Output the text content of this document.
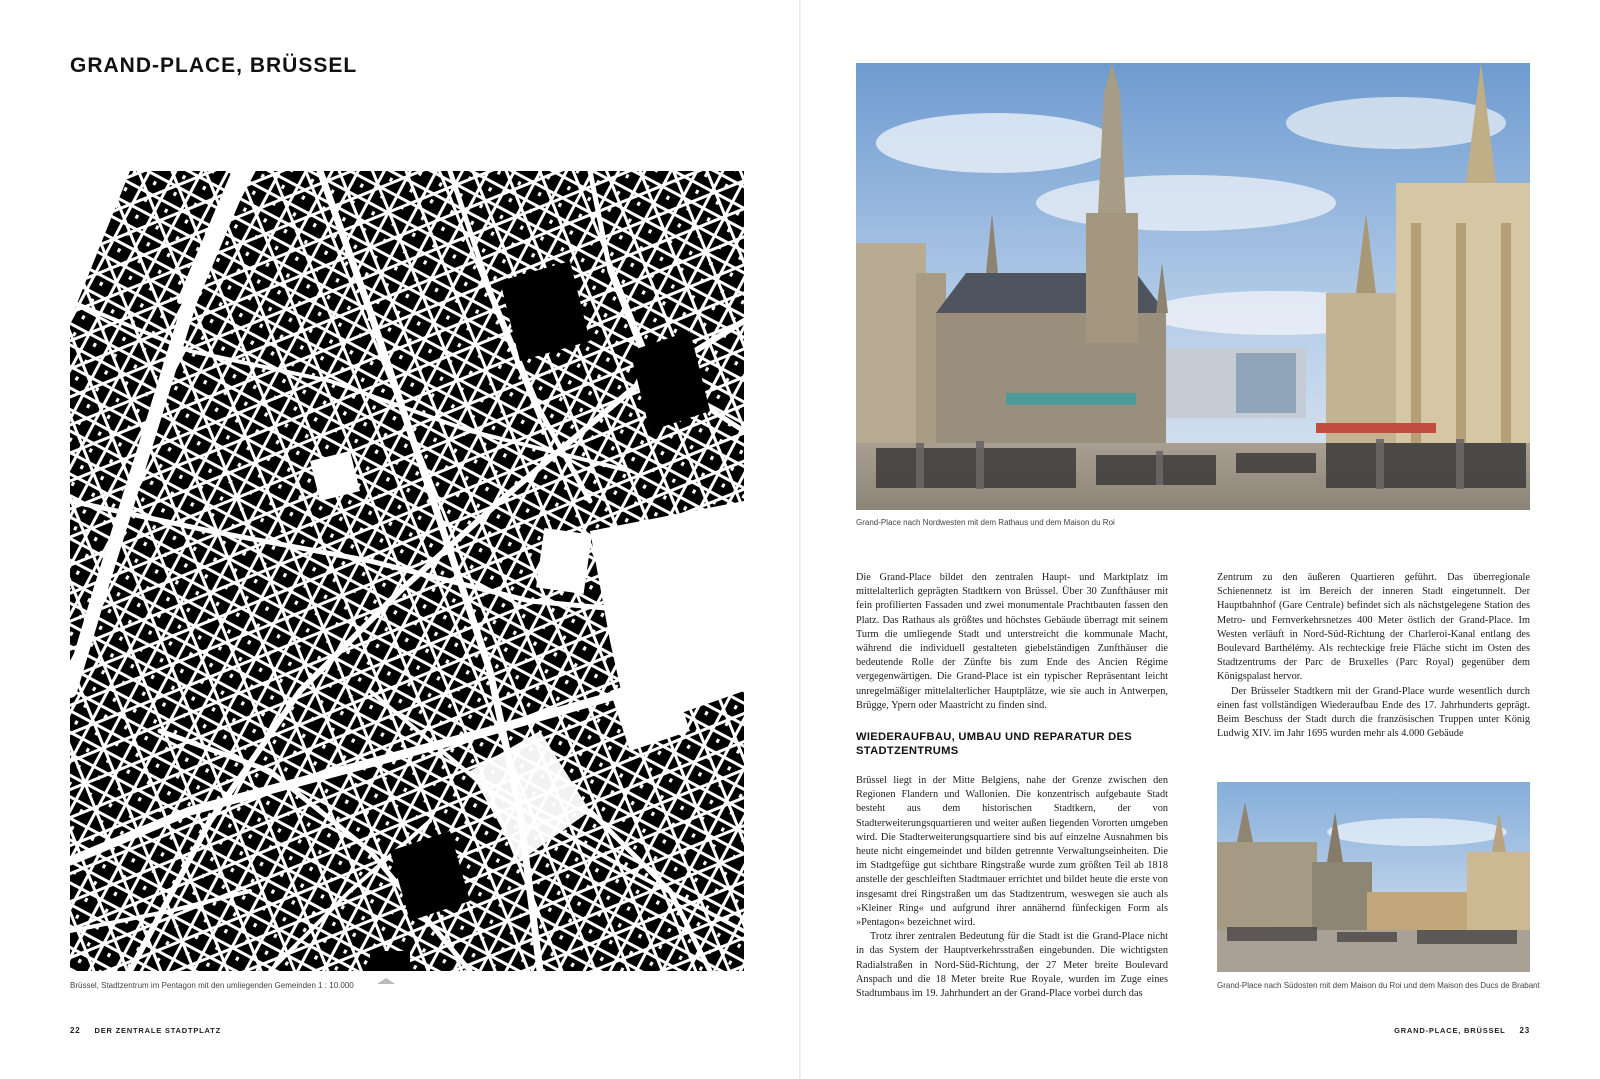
GRAND-PLACE, BRÜSSEL
Brüssel, Stadtzentrum im Pentagon mit den umliegenden Gemeinden 1 : 10.000
22 DER ZENTRALE STADTPLATZ
Grand-Place nach Nordwesten mit dem Rathaus und dem Maison du Roi

Die Grand-Place bildet den zentralen Haupt- und Marktplatz im mittelalterlich geprägten Stadtkern von Brüssel. Über 30 Zunfthäuser mit fein profilierten Fassaden und zwei monumentale Prachtbauten fassen den Platz. Das Rathaus als größtes und höchstes Gebäude überragt mit seinem Turm die umliegende Stadt und unterstreicht die kommunale Macht, während die individuell gestalteten giebelständigen Zunfthäuser die bedeutende Rolle der Zünfte bis zum Ende des Ancien Régime vergegenwärtigen. Die Grand-Place ist ein typischer Repräsentant leicht unregelmäßiger mittelalterlicher Hauptplätze, wie sie auch in Antwerpen, Brügge, Ypern oder Maastricht zu finden sind.

WIEDERAUFBAU, UMBAU UND REPARATUR DES STADTZENTRUMS

Brüssel liegt in der Mitte Belgiens, nahe der Grenze zwischen den Regionen Flandern und Wallonien. Die konzentrisch aufgebaute Stadt besteht aus dem historischen Stadtkern, der von Stadterweiterungsquartieren und weiter außen liegenden Vororten umgeben wird. Die Stadterweiterungsquartiere sind bis auf einzelne Ausnahmen bis heute nicht eingemeindet und bilden getrennte Verwaltungseinheiten. Die im Stadtgefüge gut sichtbare Ringstraße wurde zum größten Teil ab 1818 anstelle der geschleiften Stadtmauer errichtet und bildet heute die erste von insgesamt drei Ringstraßen um das Stadtzentrum, weswegen sie auch als »Kleiner Ring« und aufgrund ihrer annähernd fünfeckigen Form als »Pentagon« bezeichnet wird.

Trotz ihrer zentralen Bedeutung für die Stadt ist die Grand-Place nicht in das System der Hauptverkehrsstraßen eingebunden. Die wichtigsten Radialstraßen in Nord-Süd-Richtung, der 27 Meter breite Boulevard Anspach und die 18 Meter breite Rue Royale, wurden im Zuge eines Stadtumbaus im 19. Jahrhundert an der Grand-Place vorbei durch das

Zentrum zu den äußeren Quartieren geführt. Das überregionale Schienennetz ist im Bereich der inneren Stadt eingetunnelt. Der Hauptbahnhof (Gare Centrale) befindet sich als nächstgelegene Station des Metro- und Fernverkehrsnetzes 400 Meter östlich der Grand-Place. Im Westen verläuft in Nord-Süd-Richtung der Charleroi-Kanal entlang des Boulevard Barthélémy. Als rechteckige freie Fläche sticht im Osten des Stadtzentrums der Parc de Bruxelles (Parc Royal) gegenüber dem Königspalast hervor.

Der Brüsseler Stadtkern mit der Grand-Place wurde wesentlich durch einen fast vollständigen Wiederaufbau Ende des 17. Jahrhunderts geprägt. Beim Beschuss der Stadt durch die französischen Truppen unter König Ludwig XIV. im Jahr 1695 wurden mehr als 4.000 Gebäude

Grand-Place nach Südosten mit dem Maison du Roi und dem Maison des Ducs de Brabant
GRAND-PLACE, BRÜSSEL 23
